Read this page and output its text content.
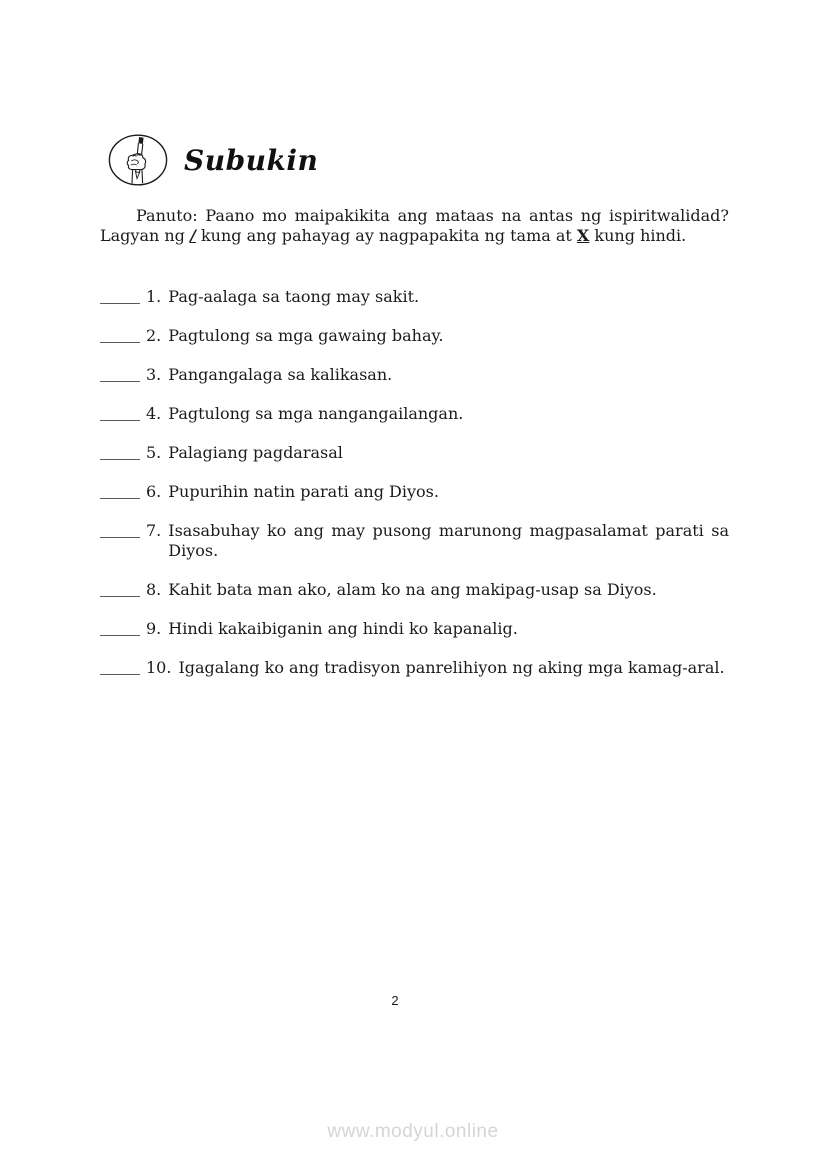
Subukin

Panuto: Paano mo maipakikita ang mataas na antas ng ispiritwalidad?
Lagyan ng / kung ang pahayag ay nagpapakita ng tama at X kung hindi.

1. Pag-aalaga sa taong may sakit.
2. Pagtulong sa mga gawaing bahay.
3. Pangangalaga sa kalikasan.
4. Pagtulong sa mga nangangailangan.
5. Palagiang pagdarasal
6. Pupurihin natin parati ang Diyos.
7. Isasabuhay ko ang may pusong marunong magpasalamat parati sa Diyos.
8. Kahit bata man ako, alam ko na ang makipag-usap sa Diyos.
9. Hindi kakaibiganin ang hindi ko kapanalig.
10. Igagalang ko ang tradisyon panrelihiyon ng aking mga kamag-aral.
2
www.modyul.online
